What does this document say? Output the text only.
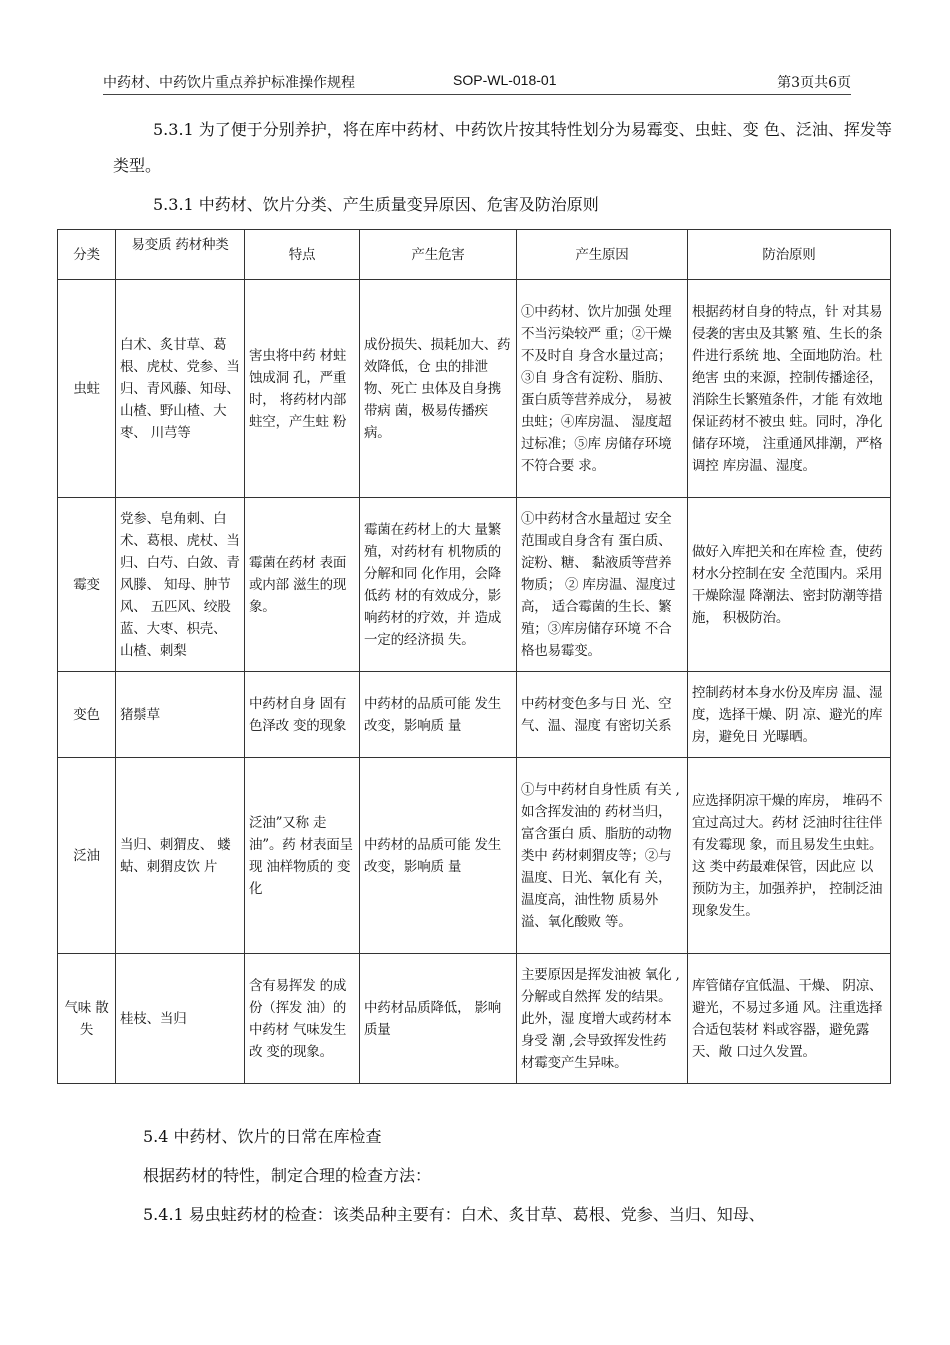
中药材、中药饮片重点养护标准操作规程	SOP-WL-018-01	第3页共6页
5.3.1 为了便于分别养护，将在库中药材、中药饮片按其特性划分为易霉变、虫蛀、变 色、泛油、挥发等类型。
5.3.1 中药材、饮片分类、产生质量变异原因、危害及防治原则
分类	易变质 药材种类	特点	产生危害	产生原因	防治原则
虫蛀	白术、炙甘草、葛根、虎杖、党参、当归、青风藤、知母、山楂、野山楂、大枣、 川芎等	害虫将中药 材蛀蚀成洞 孔，严重时， 将药材内部 蛀空，产生蛀 粉	成份损失、损耗加大、药效降低，仓 虫的排泄物、死亡 虫体及自身携带病 菌，极易传播疾病。	①中药材、饮片加强 处理不当污染较严 重；②干燥不及时自 身含水量过高；③自 身含有淀粉、脂肪、 蛋白质等营养成分， 易被虫蛀；④库房温、 湿度超过标准；⑤库 房储存环境不符合要 求。	根据药材自身的特点，针 对其易侵袭的害虫及其繁 殖、生长的条件进行系统 地、全面地防治。杜绝害 虫的来源，控制传播途径， 消除生长繁殖条件，才能 有效地保证药材不被虫 蛀。同时，净化储存环境， 注重通风排潮，严格调控 库房温、湿度。
霉变	党参、皂角刺、白术、葛根、虎杖、当归、白芍、白敛、青风滕、 知母、肿节风、 五匹风、绞股 蓝、大枣、枳壳、 山楂、刺梨	霉菌在药材 表面或内部 滋生的现象。	霉菌在药材上的大 量繁殖，对药材有 机物质的分解和同 化作用，会降低药 材的有效成分，影 响药材的疗效，并 造成一定的经济损 失。	①中药材含水量超过 安全范围或自身含有 蛋白质、淀粉、糖、 黏液质等营养物质； ② 库房温、湿度过高， 适合霉菌的生长、繁 殖；③库房储存环境 不合格也易霉变。	做好入库把关和在库检 查，使药材水分控制在安 全范围内。采用干燥除湿 降潮法、密封防潮等措施， 积极防治。
变色	猪鬃草	中药材自身 固有色泽改 变的现象	中药材的品质可能 发生改变，影响质 量	中药材变色多与日 光、空气、温、湿度 有密切关系	控制药材本身水份及库房 温、湿度，选择干燥、阴 凉、避光的库房，避免日 光曝晒。
泛油	当归、刺猬皮、 蝼蛄、刺猬皮饮 片	泛油”又称 走油”。药 材表面呈现 油样物质的 变化	中药材的品质可能 发生改变，影响质 量	①与中药材自身性质 有关 ,如含挥发油的 药材当归，富含蛋白 质、脂肪的动物类中 药材刺猬皮等；②与 温度、日光、氧化有 关，温度高，油性物 质易外溢、氧化酸败 等。	应选择阴凉干燥的库房， 堆码不宜过高过大。药材 泛油时往往伴有发霉现 象，而且易发生虫蛀。这 类中药最难保管，因此应 以预防为主，加强养护， 控制泛油现象发生。
气味 散失	桂枝、当归	含有易挥发 的成份（挥发 油）的中药材 气味发生改 变的现象。	中药材品质降低， 影响质量	主要原因是挥发油被 氧化 ,分解或自然挥 发的结果。此外，湿 度增大或药材本身受 潮 ,会导致挥发性药 材霉变产生异味。	库管储存宜低温、干燥、 阴凉、避光，不易过多通 风。注重选择合适包装材 料或容器，避免露天、敞 口过久发置。
5.4 中药材、饮片的日常在库检查
根据药材的特性，制定合理的检查方法：
5.4.1 易虫蛀药材的检查：该类品种主要有：白术、炙甘草、葛根、党参、当归、知母、
